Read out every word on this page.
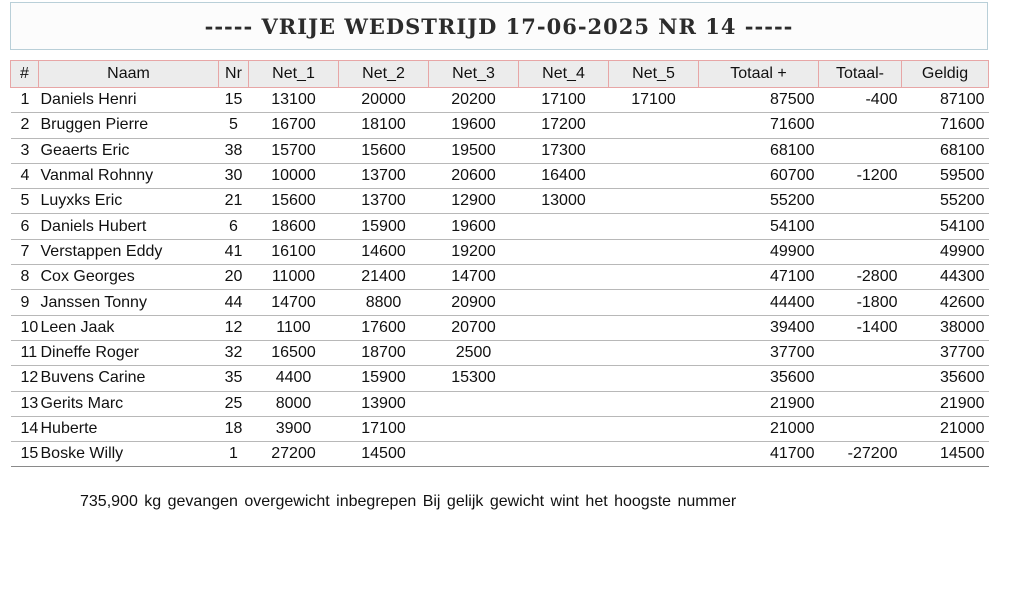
----- VRIJE WEDSTRIJD 17-06-2025 NR 14 -----
#	Naam	Nr	Net_1	Net_2	Net_3	Net_4	Net_5	Totaal +	Totaal-	Geldig
1	Daniels Henri	15	13100	20000	20200	17100	17100	87500	-400	87100
2	Bruggen Pierre	5	16700	18100	19600	17200		71600		71600
3	Geaerts Eric	38	15700	15600	19500	17300		68100		68100
4	Vanmal Rohnny	30	10000	13700	20600	16400		60700	-1200	59500
5	Luyxks Eric	21	15600	13700	12900	13000		55200		55200
6	Daniels Hubert	6	18600	15900	19600			54100		54100
7	Verstappen Eddy	41	16100	14600	19200			49900		49900
8	Cox Georges	20	11000	21400	14700			47100	-2800	44300
9	Janssen Tonny	44	14700	8800	20900			44400	-1800	42600
10	Leen Jaak	12	1100	17600	20700			39400	-1400	38000
11	Dineffe Roger	32	16500	18700	2500			37700		37700
12	Buvens Carine	35	4400	15900	15300			35600		35600
13	Gerits Marc	25	8000	13900				21900		21900
14	Huberte	18	3900	17100				21000		21000
15	Boske Willy	1	27200	14500				41700	-27200	14500
735,900 kg gevangen overgewicht inbegrepen Bij gelijk gewicht wint het hoogste nummer
